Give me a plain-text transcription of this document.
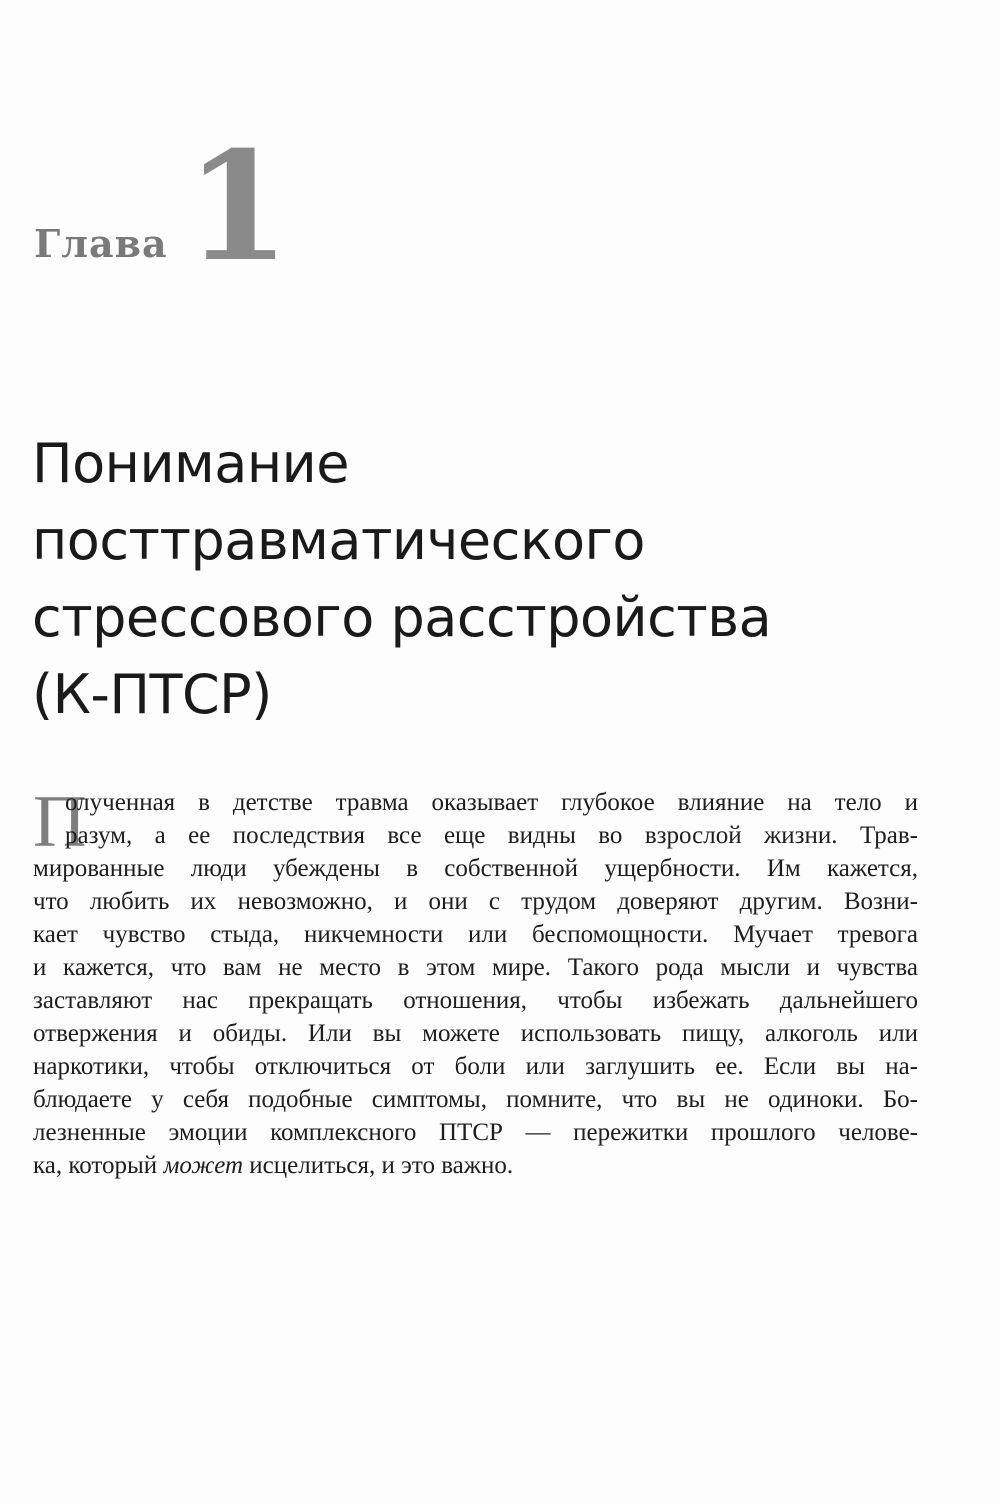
Глава 1
Понимание
посттравматического
стрессового расстройства
(К-ПТСР)
П

олученная в детстве травма оказывает глубокое влияние на тело и
разум, а ее последствия все еще видны во взрослой жизни. Трав-
мированные люди убеждены в собственной ущербности. Им кажется,
что любить их невозможно, и они с трудом доверяют другим. Возни-
кает чувство стыда, никчемности или беспомощности. Мучает тревога
и кажется, что вам не место в этом мире. Такого рода мысли и чувства
заставляют нас прекращать отношения, чтобы избежать дальнейшего
отвержения и обиды. Или вы можете использовать пищу, алкоголь или
наркотики, чтобы отключиться от боли или заглушить ее. Если вы на-
блюдаете у себя подобные симптомы, помните, что вы не одиноки. Бо-
лезненные эмоции комплексного ПТСР — пережитки прошлого челове-
ка, который может исцелиться, и это важно.
